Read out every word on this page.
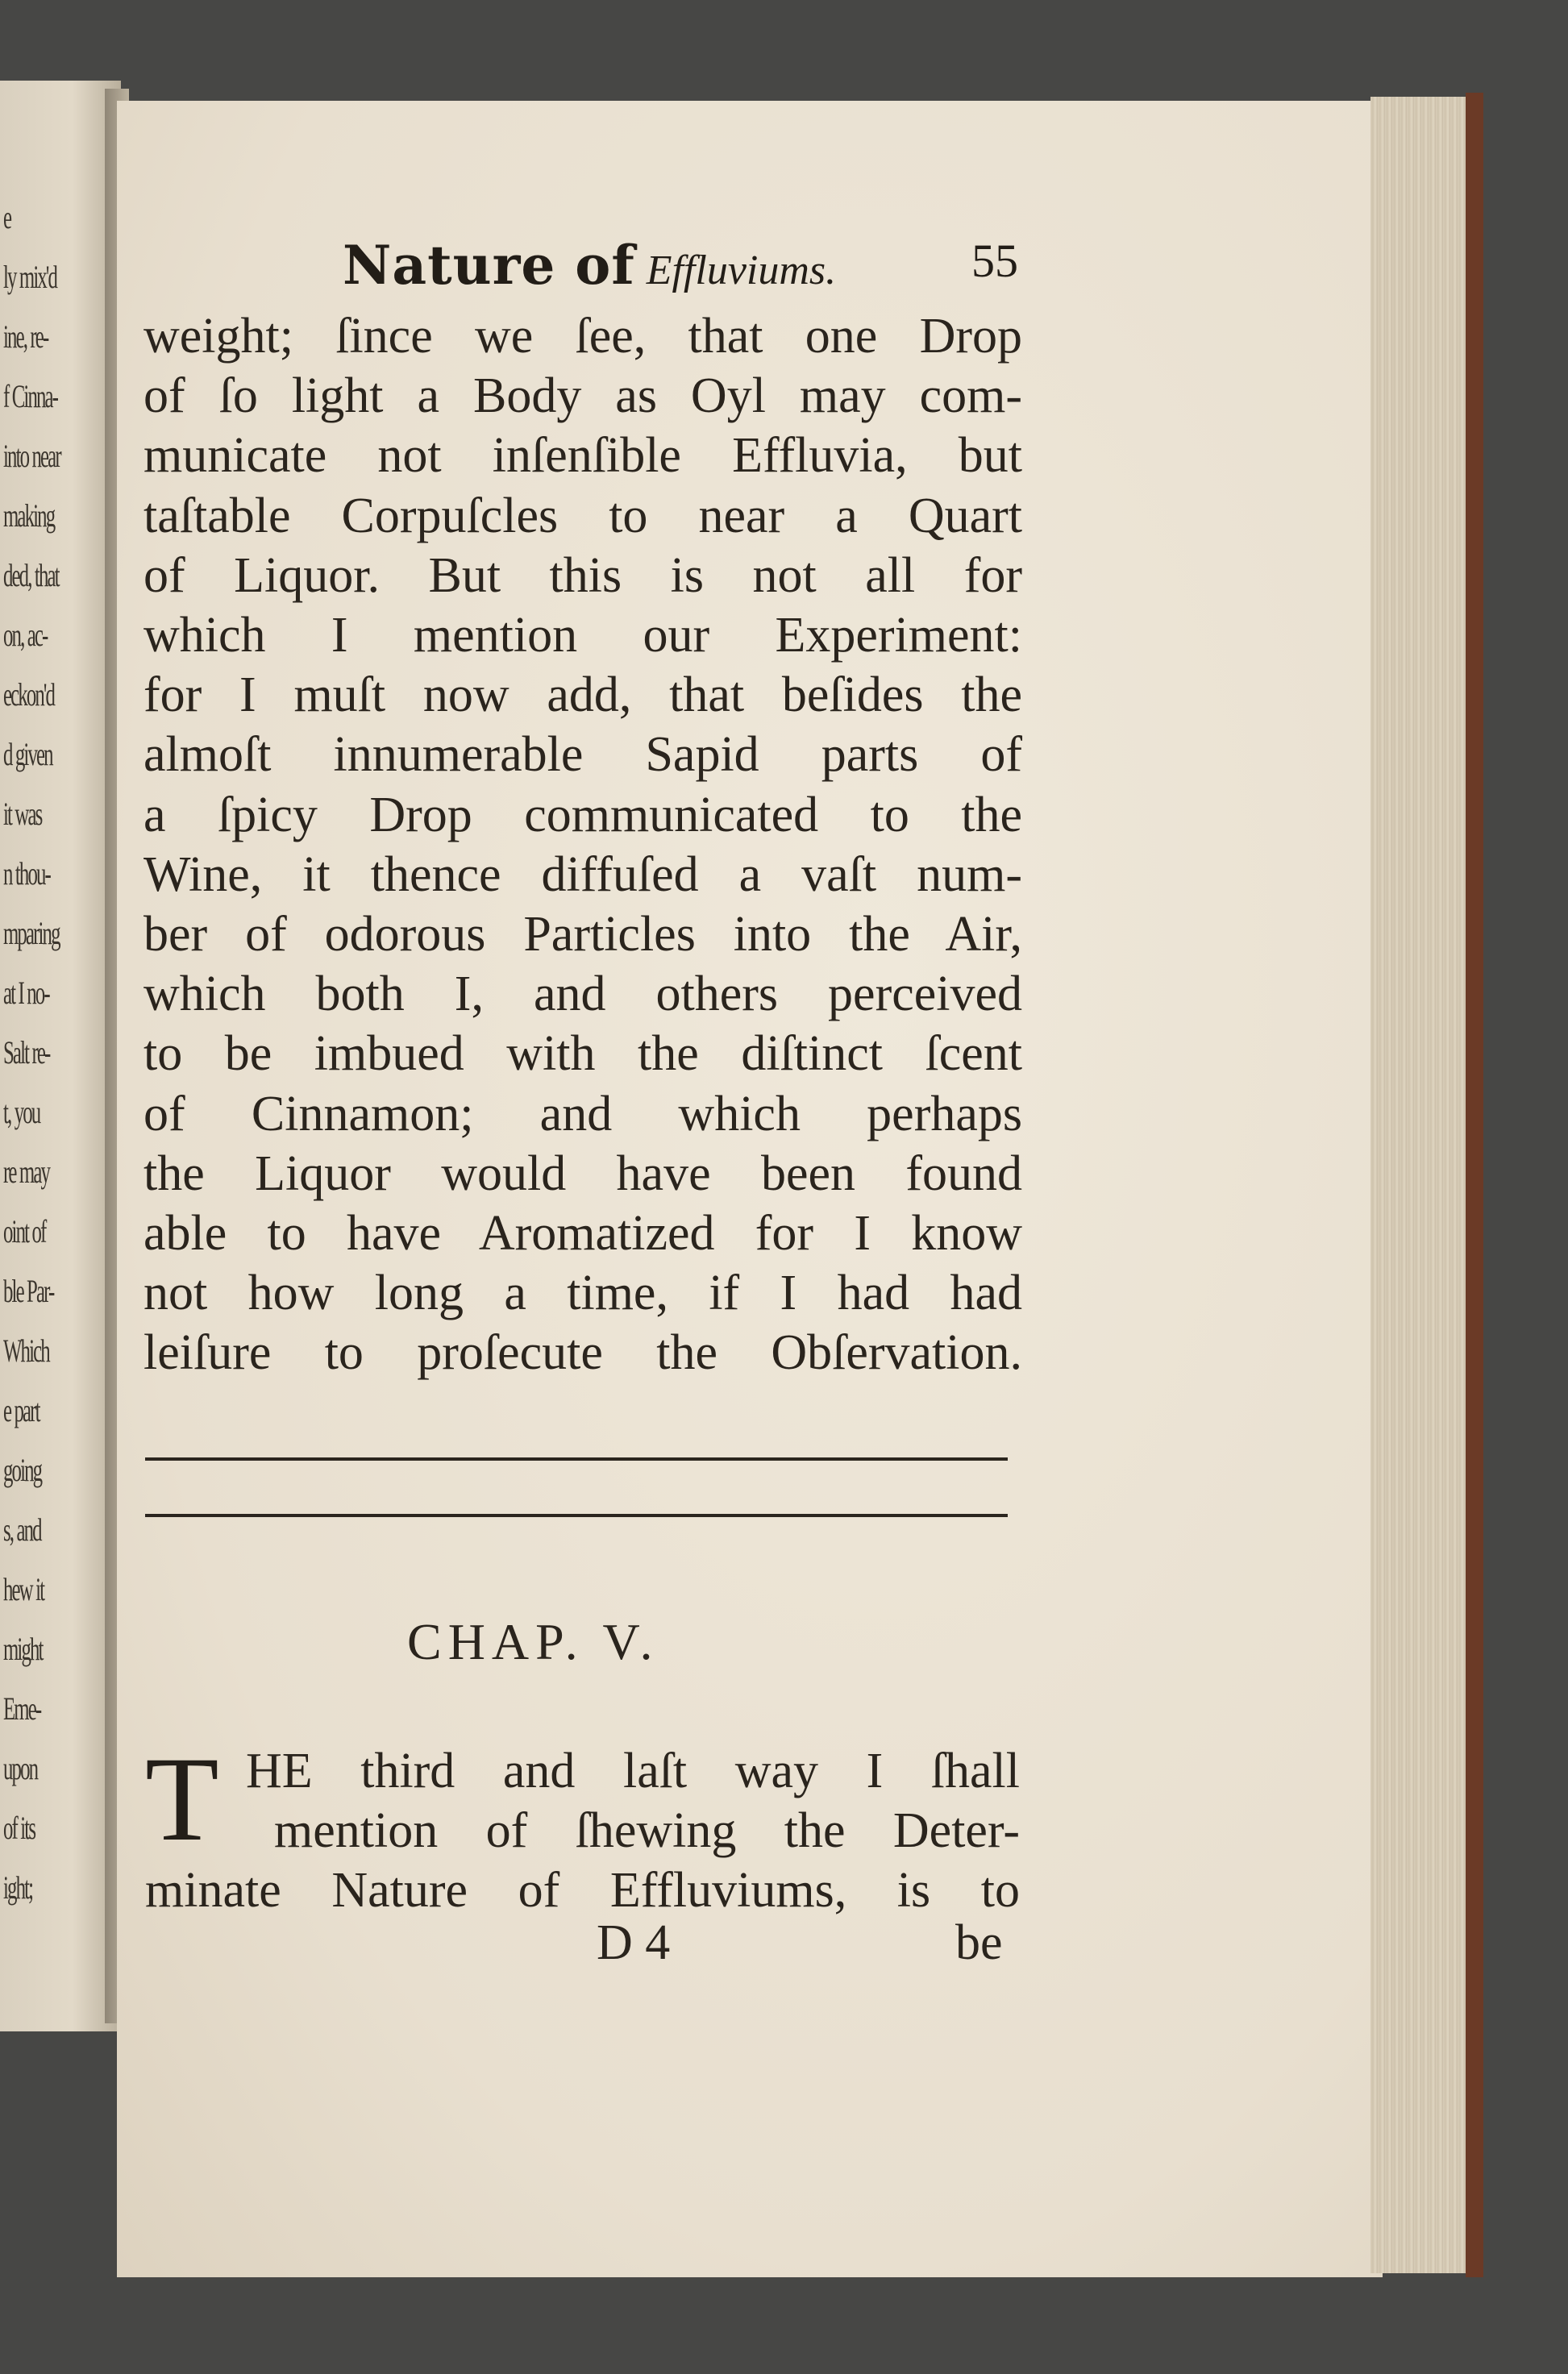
e
ly mix'd
ine, re-
f Cinna-
into near
making
ded, that
on, ac-
eckon'd
d given
it was
n thou-
mparing
at I no-
Salt re-
t, you
re may
oint of
ble Par-
Which
e part
going
s, and
hew it
might
Eme-
upon
of its
ight;
Nature of Effluviums.	55
weight; ſince we ſee, that one Drop
of ſo light a Body as Oyl may com-
municate not inſenſible Effluvia, but
taſtable Corpuſcles to near a Quart
of Liquor. But this is not all for
which I mention our Experiment:
for I muſt now add, that beſides the
almoſt innumerable Sapid parts of
a ſpicy Drop communicated to the
Wine, it thence diffuſed a vaſt num-
ber of odorous Particles into the Air,
which both I, and others perceived
to be imbued with the diſtinct ſcent
of Cinnamon; and which perhaps
the Liquor would have been found
able to have Aromatized for I know
not how long a time, if I had had
leiſure to proſecute the Obſervation.
CHAP. V.
T HE third and laſt way I ſhall
mention of ſhewing the Deter-
minate Nature of Effluviums, is to
D 4	be
